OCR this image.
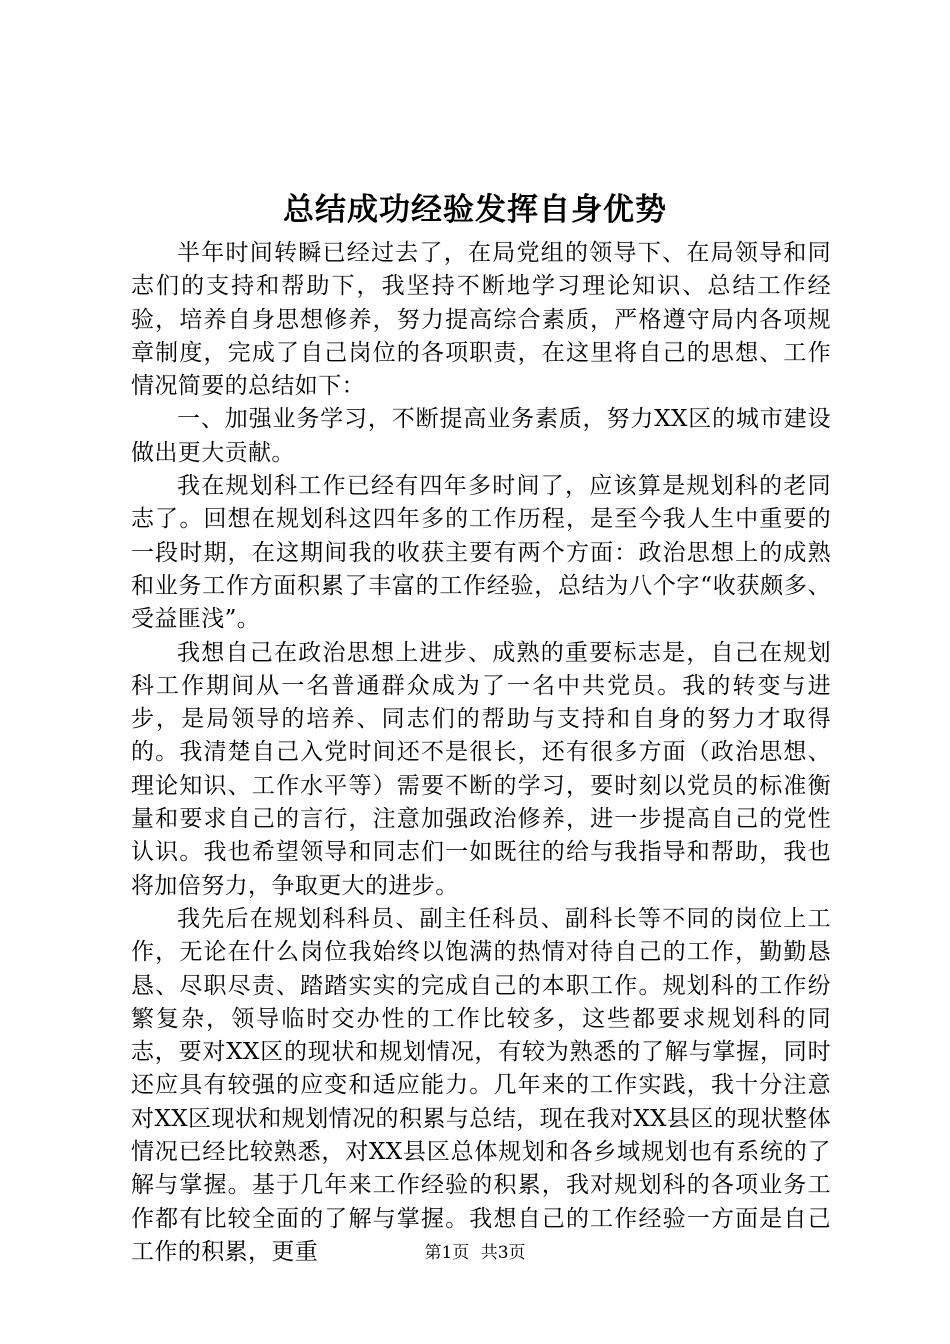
总结成功经验发挥自身优势

半年时间转瞬已经过去了，在局党组的领导下、在局领导和同志们的支持和帮助下，我坚持不断地学习理论知识、总结工作经验，培养自身思想修养，努力提高综合素质，严格遵守局内各项规章制度，完成了自己岗位的各项职责，在这里将自己的思想、工作情况简要的总结如下：

一、加强业务学习，不断提高业务素质，努力XX区的城市建设做出更大贡献。

我在规划科工作已经有四年多时间了，应该算是规划科的老同志了。回想在规划科这四年多的工作历程，是至今我人生中重要的一段时期，在这期间我的收获主要有两个方面：政治思想上的成熟和业务工作方面积累了丰富的工作经验，总结为八个字“收获颇多、受益匪浅”。

我想自己在政治思想上进步、成熟的重要标志是，自己在规划科工作期间从一名普通群众成为了一名中共党员。我的转变与进步，是局领导的培养、同志们的帮助与支持和自身的努力才取得的。我清楚自己入党时间还不是很长，还有很多方面（政治思想、理论知识、工作水平等）需要不断的学习，要时刻以党员的标准衡量和要求自己的言行，注意加强政治修养，进一步提高自己的党性认识。我也希望领导和同志们一如既往的给与我指导和帮助，我也将加倍努力，争取更大的进步。

我先后在规划科科员、副主任科员、副科长等不同的岗位上工作，无论在什么岗位我始终以饱满的热情对待自己的工作，勤勤恳恳、尽职尽责、踏踏实实的完成自己的本职工作。规划科的工作纷繁复杂，领导临时交办性的工作比较多，这些都要求规划科的同志，要对XX区的现状和规划情况，有较为熟悉的了解与掌握，同时还应具有较强的应变和适应能力。几年来的工作实践，我十分注意对XX区现状和规划情况的积累与总结，现在我对XX县区的现状整体情况已经比较熟悉，对XX县区总体规划和各乡域规划也有系统的了解与掌握。基于几年来工作经验的积累，我对规划科的各项业务工作都有比较全面的了解与掌握。我想自己的工作经验一方面是自己工作的积累，更重	第1页 共3页
